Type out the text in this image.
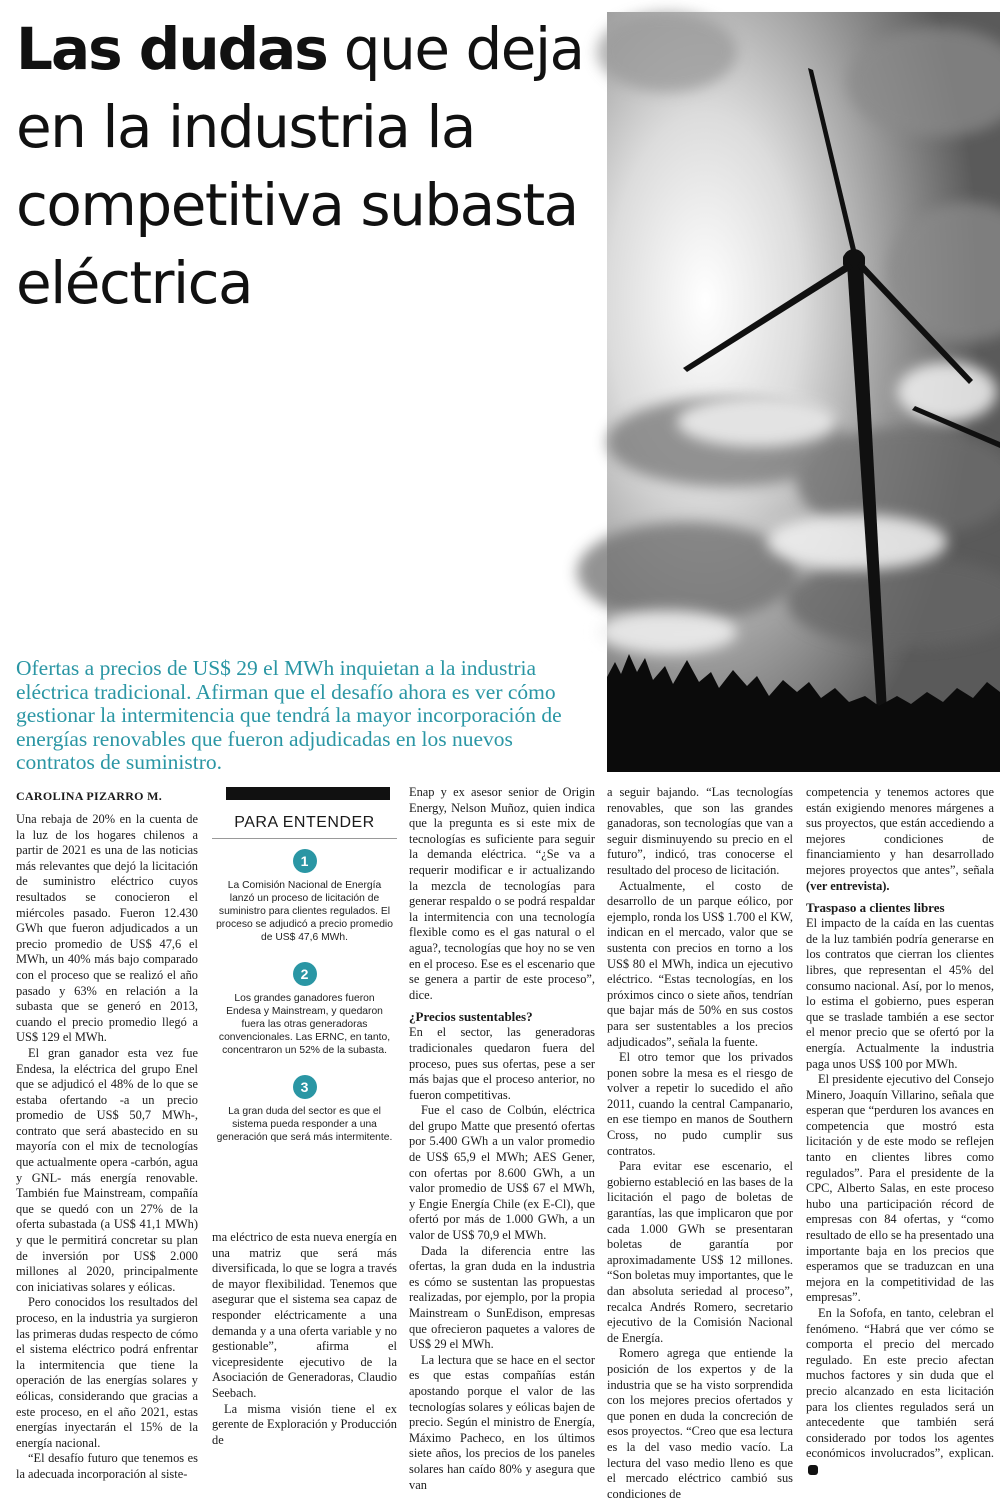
Las dudas que deja en la industria la competitiva subasta eléctrica

Ofertas a precios de US$ 29 el MWh inquietan a la industria eléctrica tradicional. Afirman que el desafío ahora es ver cómo gestionar la intermitencia que tendrá la mayor incorporación de energías renovables que fueron adjudicadas en los nuevos contratos de suministro.

CAROLINA PIZARRO M.

Una rebaja de 20% en la cuenta de la luz de los hogares chilenos a partir de 2021 es una de las noticias más relevantes que dejó la licitación de suministro eléctrico cuyos resultados se conocieron el miércoles pasado. Fueron 12.430 GWh que fueron adjudicados a un precio promedio de US$ 47,6 el MWh, un 40% más bajo comparado con el proceso que se realizó el año pasado y 63% en relación a la subasta que se generó en 2013, cuando el precio promedio llegó a US$ 129 el MWh.

El gran ganador esta vez fue Endesa, la eléctrica del grupo Enel que se adjudicó el 48% de lo que se estaba ofertando -a un precio promedio de US$ 50,7 MWh-, contrato que será abastecido en su mayoría con el mix de tecnologías que actualmente opera -carbón, agua y GNL- más energía renovable. También fue Mainstream, compañía que se quedó con un 27% de la oferta subastada (a US$ 41,1 MWh) y que le permitirá concretar su plan de inversión por US$ 2.000 millones al 2020, principalmente con iniciativas solares y eólicas.

Pero conocidos los resultados del proceso, en la industria ya surgieron las primeras dudas respecto de cómo el sistema eléctrico podrá enfrentar la intermitencia que tiene la operación de las energías solares y eólicas, considerando que gracias a este proceso, en el año 2021, estas energías inyectarán el 15% de la energía nacional.

“El desafío futuro que tenemos es la adecuada incorporación al siste-

PARA ENTENDER
1
La Comisión Nacional de Energía lanzó un proceso de licitación de suministro para clientes regulados. El proceso se adjudicó a precio promedio de US$ 47,6 MWh.
2
Los grandes ganadores fueron Endesa y Mainstream, y quedaron fuera las otras generadoras convencionales. Las ERNC, en tanto, concentraron un 52% de la subasta.
3
La gran duda del sector es que el sistema pueda responder a una generación que será más intermitente.

ma eléctrico de esta nueva energía en una matriz que será más diversificada, lo que se logra a través de mayor flexibilidad. Tenemos que asegurar que el sistema sea capaz de responder eléctricamente a una demanda y a una oferta variable y no gestionable”, afirma el vicepresidente ejecutivo de la Asociación de Generadoras, Claudio Seebach.

La misma visión tiene el ex gerente de Exploración y Producción de

Enap y ex asesor senior de Origin Energy, Nelson Muñoz, quien indica que la pregunta es si este mix de tecnologías es suficiente para seguir la demanda eléctrica. “¿Se va a requerir modificar e ir actualizando la mezcla de tecnologías para generar respaldo o se podrá respaldar la intermitencia con una tecnología flexible como es el gas natural o el agua?, tecnologías que hoy no se ven en el proceso. Ese es el escenario que se genera a partir de este proceso”, dice.

¿Precios sustentables?

En el sector, las generadoras tradicionales quedaron fuera del proceso, pues sus ofertas, pese a ser más bajas que el proceso anterior, no fueron competitivas.

Fue el caso de Colbún, eléctrica del grupo Matte que presentó ofertas por 5.400 GWh a un valor promedio de US$ 65,9 el MWh; AES Gener, con ofertas por 8.600 GWh, a un valor promedio de US$ 67 el MWh, y Engie Energía Chile (ex E-Cl), que ofertó por más de 1.000 GWh, a un valor de US$ 70,9 el MWh.

Dada la diferencia entre las ofertas, la gran duda en la industria es cómo se sustentan las propuestas realizadas, por ejemplo, por la propia Mainstream o SunEdison, empresas que ofrecieron paquetes a valores de US$ 29 el MWh.

La lectura que se hace en el sector es que estas compañías están apostando porque el valor de las tecnologías solares y eólicas bajen de precio. Según el ministro de Energía, Máximo Pacheco, en los últimos siete años, los precios de los paneles solares han caído 80% y asegura que van

a seguir bajando. “Las tecnologías renovables, que son las grandes ganadoras, son tecnologías que van a seguir disminuyendo su precio en el futuro”, indicó, tras conocerse el resultado del proceso de licitación.

Actualmente, el costo de desarrollo de un parque eólico, por ejemplo, ronda los US$ 1.700 el KW, indican en el mercado, valor que se sustenta con precios en torno a los US$ 80 el MWh, indica un ejecutivo eléctrico. “Estas tecnologías, en los próximos cinco o siete años, tendrían que bajar más de 50% en sus costos para ser sustentables a los precios adjudicados”, señala la fuente.

El otro temor que los privados ponen sobre la mesa es el riesgo de volver a repetir lo sucedido el año 2011, cuando la central Campanario, en ese tiempo en manos de Southern Cross, no pudo cumplir sus contratos.

Para evitar ese escenario, el gobierno estableció en las bases de la licitación el pago de boletas de garantías, las que implicaron que por cada 1.000 GWh se presentaran boletas de garantía por aproximadamente US$ 12 millones. “Son boletas muy importantes, que le dan absoluta seriedad al proceso”, recalca Andrés Romero, secretario ejecutivo de la Comisión Nacional de Energía.

Romero agrega que entiende la posición de los expertos y de la industria que se ha visto sorprendida con los mejores precios ofertados y que ponen en duda la concreción de esos proyectos. “Creo que esa lectura es la del vaso medio vacío. La lectura del vaso medio lleno es que el mercado eléctrico cambió sus condiciones de

competencia y tenemos actores que están exigiendo menores márgenes a sus proyectos, que están accediendo a mejores condiciones de financiamiento y han desarrollado mejores proyectos que antes”, señala (ver entrevista).

Traspaso a clientes libres

El impacto de la caída en las cuentas de la luz también podría generarse en los contratos que cierran los clientes libres, que representan el 45% del consumo nacional. Así, por lo menos, lo estima el gobierno, pues esperan que se traslade también a ese sector el menor precio que se ofertó por la energía. Actualmente la industria paga unos US$ 100 por MWh.

El presidente ejecutivo del Consejo Minero, Joaquín Villarino, señala que esperan que “perduren los avances en competencia que mostró esta licitación y de este modo se reflejen tanto en clientes libres como regulados”. Para el presidente de la CPC, Alberto Salas, en este proceso hubo una participación récord de empresas con 84 ofertas, y “como resultado de ello se ha presentado una importante baja en los precios que esperamos que se traduzcan en una mejora en la competitividad de las empresas”.

En la Sofofa, en tanto, celebran el fenómeno. “Habrá que ver cómo se comporta el precio del mercado regulado. En este precio afectan muchos factores y sin duda que el precio alcanzado en esta licitación para los clientes regulados será un antecedente que también será considerado por todos los agentes económicos involucrados”, explican.
